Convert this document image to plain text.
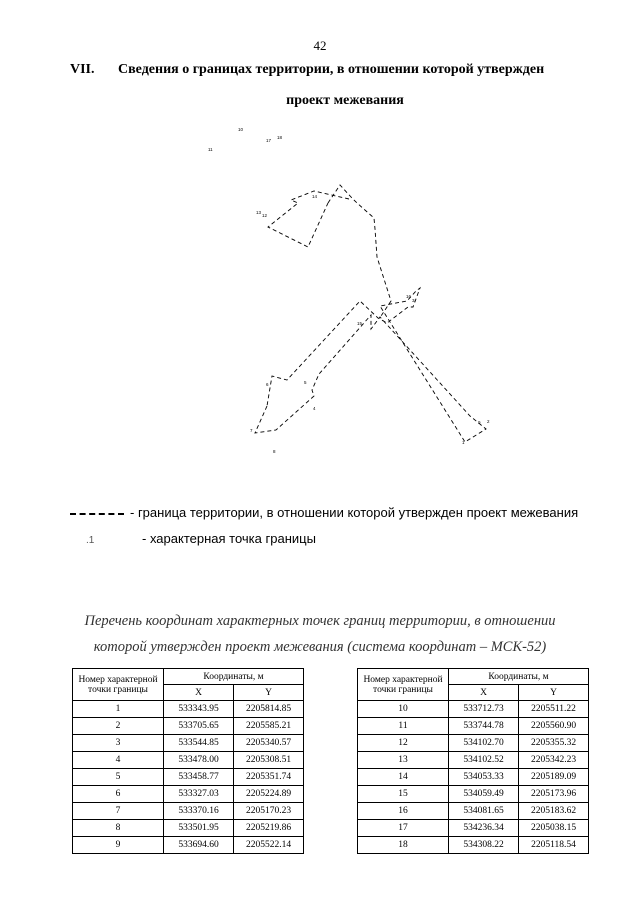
42
VII. Сведения о границах территории, в отношении которой утвержден
проект межевания
1
2
3
4
5
6
7
8
9
10
11
12
13
14
15
16
17
18
- граница территории, в отношении которой утвержден проект межевания
.1	- характерная точка границы
Перечень координат характерных точек границ территории, в отношении
которой утвержден проект межевания (система координат – МСК-52)
Номер характерной точки границы	Координаты, м	
	X	Y
1	533343.95	2205814.85
2	533705.65	2205585.21
3	533544.85	2205340.57
4	533478.00	2205308.51
5	533458.77	2205351.74
6	533327.03	2205224.89
7	533370.16	2205170.23
8	533501.95	2205219.86
9	533694.60	2205522.14
Номер характерной точки границы	Координаты, м	
	X	Y
10	533712.73	2205511.22
11	533744.78	2205560.90
12	534102.70	2205355.32
13	534102.52	2205342.23
14	534053.33	2205189.09
15	534059.49	2205173.96
16	534081.65	2205183.62
17	534236.34	2205038.15
18	534308.22	2205118.54
